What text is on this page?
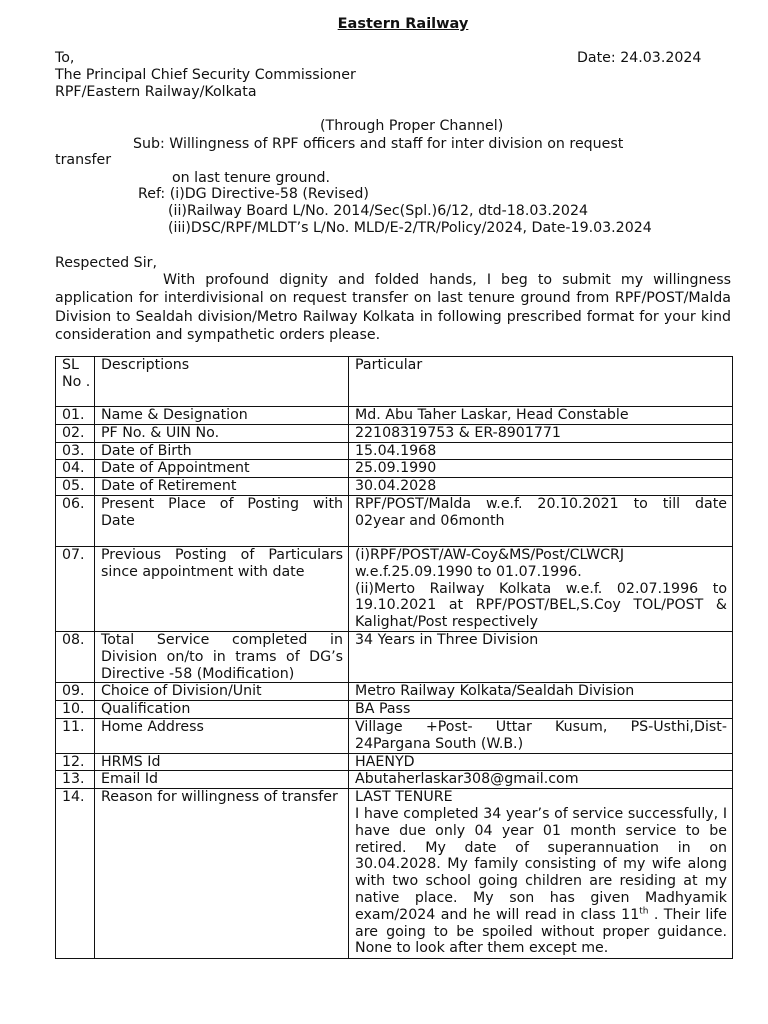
Eastern Railway
To,	Date: 24.03.2024
The Principal Chief Security Commissioner
RPF/Eastern Railway/Kolkata
(Through Proper Channel)
Sub: Willingness of RPF officers and staff for inter division on request
transfer
on last tenure ground.
Ref: (i)DG Directive-58 (Revised)
(ii)Railway Board L/No. 2014/Sec(Spl.)6/12, dtd-18.03.2024
(iii)DSC/RPF/MLDT’s L/No. MLD/E-2/TR/Policy/2024, Date-19.03.2024
Respected Sir,
With profound dignity and folded hands, I beg to submit my willingness application for interdivisional on request transfer on last tenure ground from RPF/POST/Malda Division to Sealdah division/Metro Railway Kolkata in following prescribed format for your kind consideration and sympathetic orders please.
SL No .	Descriptions	Particular
01.	Name & Designation	Md. Abu Taher Laskar, Head Constable
02.	PF No. & UIN No.	22108319753 & ER-8901771
03.	Date of Birth	15.04.1968
04.	Date of Appointment	25.09.1990
05.	Date of Retirement	30.04.2028
06.	Present Place of Posting with Date	RPF/POST/Malda w.e.f. 20.10.2021 to till date 02year and 06month
07.	Previous Posting of Particulars since appointment with date	(i)RPF/POST/AW-Coy&MS/Post/CLWCRJ w.e.f.25.09.1990 to 01.07.1996.
(ii)Merto Railway Kolkata w.e.f. 02.07.1996 to 19.10.2021 at RPF/POST/BEL,S.Coy TOL/POST & Kalighat/Post respectively

08.	Total Service completed in Division on/to in trams of DG’s Directive -58 (Modification)	34 Years in Three Division
09.	Choice of Division/Unit	Metro Railway Kolkata/Sealdah Division
10.	Qualification	BA Pass
11.	Home Address	Village +Post- Uttar Kusum, PS-Usthi,Dist-24Pargana South (W.B.)
12.	HRMS Id	HAENYD
13.	Email Id	Abutaherlaskar308@gmail.com
14.	Reason for willingness of transfer	LAST TENURE
I have completed 34 year’s of service successfully, I have due only 04 year 01 month service to be retired. My date of superannuation in on 30.04.2028. My family consisting of my wife along with two school going children are residing at my native place. My son has given Madhyamik exam/2024 and he will read in class 11th . Their life are going to be spoiled without proper guidance. None to look after them except me.
